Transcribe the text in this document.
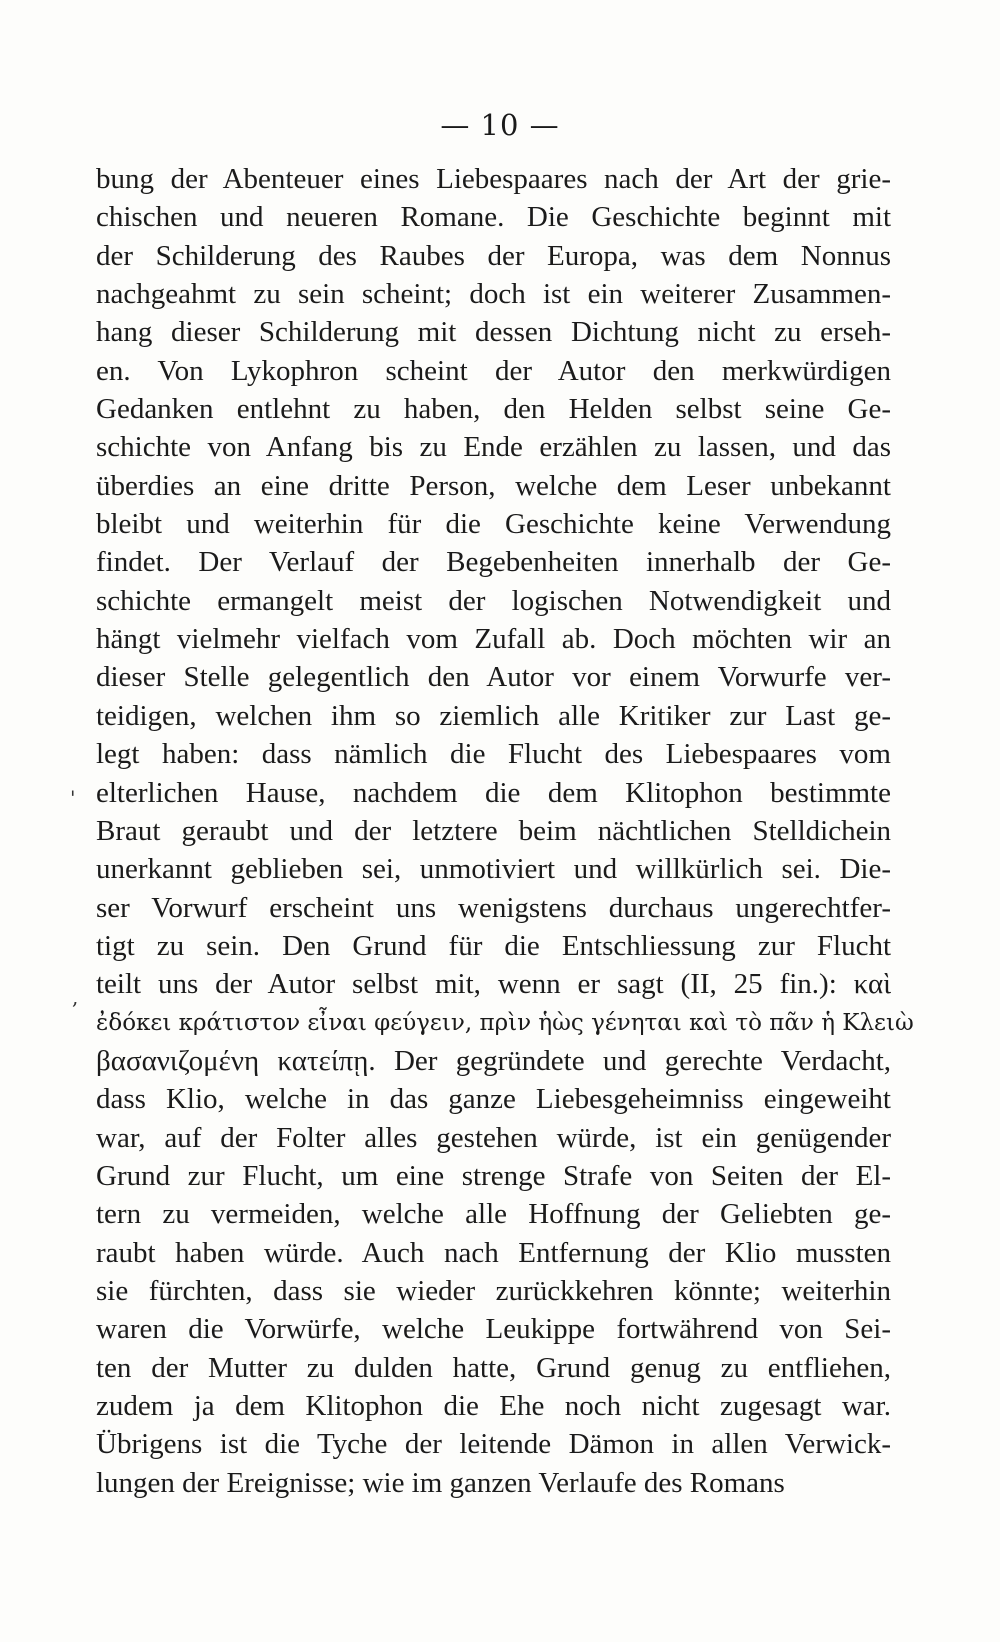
— 10 —
'
,
bung der Abenteuer eines Liebespaares nach der Art der grie-
chischen und neueren Romane. Die Geschichte beginnt mit
der Schilderung des Raubes der Europa, was dem Nonnus
nachgeahmt zu sein scheint; doch ist ein weiterer Zusammen-
hang dieser Schilderung mit dessen Dichtung nicht zu erseh-
en. Von Lykophron scheint der Autor den merkwürdigen
Gedanken entlehnt zu haben, den Helden selbst seine Ge-
schichte von Anfang bis zu Ende erzählen zu lassen, und das
überdies an eine dritte Person, welche dem Leser unbekannt
bleibt und weiterhin für die Geschichte keine Verwendung
findet. Der Verlauf der Begebenheiten innerhalb der Ge-
schichte ermangelt meist der logischen Notwendigkeit und
hängt vielmehr vielfach vom Zufall ab. Doch möchten wir an
dieser Stelle gelegentlich den Autor vor einem Vorwurfe ver-
teidigen, welchen ihm so ziemlich alle Kritiker zur Last ge-
legt haben: dass nämlich die Flucht des Liebespaares vom
elterlichen Hause, nachdem die dem Klitophon bestimmte
Braut geraubt und der letztere beim nächtlichen Stelldichein
unerkannt geblieben sei, unmotiviert und willkürlich sei. Die-
ser Vorwurf erscheint uns wenigstens durchaus ungerechtfer-
tigt zu sein. Den Grund für die Entschliessung zur Flucht
teilt uns der Autor selbst mit, wenn er sagt (II, 25 fin.): καὶ
ἐδόκει κράτιστον εἶναι φεύγειν, πρὶν ἡὼς γένηται καὶ τὸ πᾶν ἡ Κλειὼ
βασανιζομένη κατείπῃ. Der gegründete und gerechte Verdacht,
dass Klio, welche in das ganze Liebesgeheimniss eingeweiht
war, auf der Folter alles gestehen würde, ist ein genügender
Grund zur Flucht, um eine strenge Strafe von Seiten der El-
tern zu vermeiden, welche alle Hoffnung der Geliebten ge-
raubt haben würde. Auch nach Entfernung der Klio mussten
sie fürchten, dass sie wieder zurückkehren könnte; weiterhin
waren die Vorwürfe, welche Leukippe fortwährend von Sei-
ten der Mutter zu dulden hatte, Grund genug zu entfliehen,
zudem ja dem Klitophon die Ehe noch nicht zugesagt war.
Übrigens ist die Tyche der leitende Dämon in allen Verwick-
lungen der Ereignisse; wie im ganzen Verlaufe des Romans
